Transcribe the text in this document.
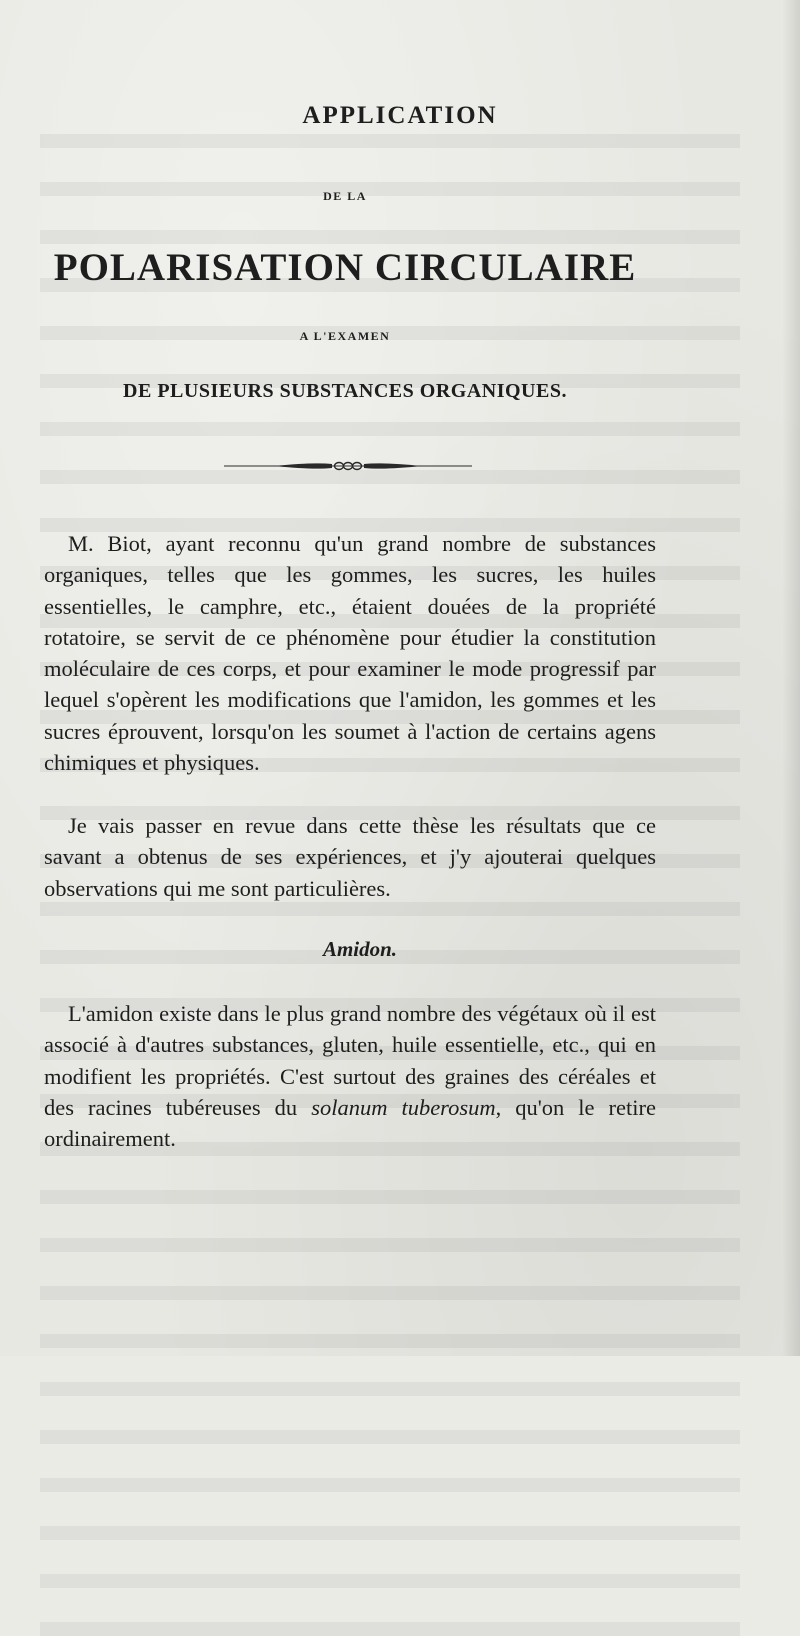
APPLICATION
DE LA
POLARISATION CIRCULAIRE
A L'EXAMEN
DE PLUSIEURS SUBSTANCES ORGANIQUES.

M. Biot, ayant reconnu qu'un grand nombre de substances organiques, telles que les gommes, les sucres, les huiles essentielles, le camphre, etc., étaient douées de la propriété rotatoire, se servit de ce phénomène pour étudier la constitution moléculaire de ces corps, et pour examiner le mode progressif par lequel s'opèrent les modifications que l'amidon, les gommes et les sucres éprouvent, lorsqu'on les soumet à l'action de certains agens chimiques et physiques.

Je vais passer en revue dans cette thèse les résultats que ce savant a obtenus de ses expériences, et j'y ajouterai quelques observations qui me sont particulières.

Amidon.

L'amidon existe dans le plus grand nombre des végétaux où il est associé à d'autres substances, gluten, huile essentielle, etc., qui en modifient les propriétés. C'est surtout des graines des céréales et des racines tubéreuses du solanum tuberosum, qu'on le retire ordinairement.
